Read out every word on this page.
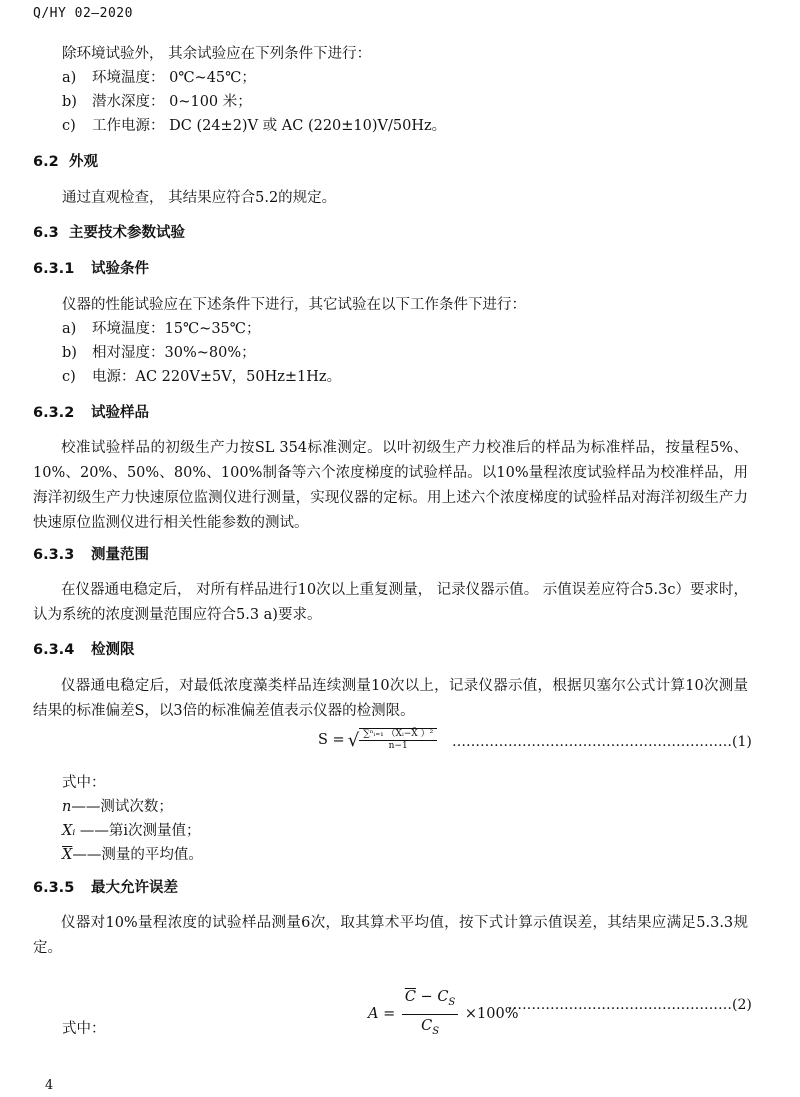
Q/HY 02—2020
除环境试验外， 其余试验应在下列条件下进行：
a) 环境温度： 0℃~45℃；
b) 潜水深度： 0~100 米；
c) 工作电源： DC (24±2)V 或 AC (220±10)V/50Hz。
6.2 外观
通过直观检查， 其结果应符合5.2的规定。
6.3 主要技术参数试验
6.3.1 试验条件
仪器的性能试验应在下述条件下进行，其它试验在以下工作条件下进行：
a) 环境温度：15℃~35℃；
b) 相对湿度：30%~80%；
c) 电源：AC 220V±5V，50Hz±1Hz。
6.3.2 试验样品
校准试验样品的初级生产力按SL 354标准测定。以叶初级生产力校准后的样品为标准样品，按量程5%、10%、20%、50%、80%、100%制备等六个浓度梯度的试验样品。以10%量程浓度试验样品为校准样品，用海洋初级生产力快速原位监测仪进行测量，实现仪器的定标。用上述六个浓度梯度的试验样品对海洋初级生产力快速原位监测仪进行相关性能参数的测试。
6.3.3 测量范围
在仪器通电稳定后， 对所有样品进行10次以上重复测量， 记录仪器示值。 示值误差应符合5.3c）要求时， 认为系统的浓度测量范围应符合5.3 a)要求。
6.3.4 检测限
仪器通电稳定后，对最低浓度藻类样品连续测量10次以上，记录仪器示值，根据贝塞尔公式计算10次测量结果的标准偏差S，以3倍的标准偏差值表示仪器的检测限。
S = √ $\frac{\text{∑ⁿᵢ₌₁ （Xᵢ−X̄ ）²}}{n-1}$ ……………………………………………………(1)
式中：
n——测试次数；
Xᵢ ——第i次测量值；
$\overline{X}——$测量的平均值。
6.3.5 最大允许误差
仪器对10%量程浓度的试验样品测量6次，取其算术平均值，按下式计算示值误差，其结果应满足5.3.3规定。
$A = \frac{\overline{C} - C_S}{C_S} \times 100\%$
…………………………………………(2)
式中：
4
